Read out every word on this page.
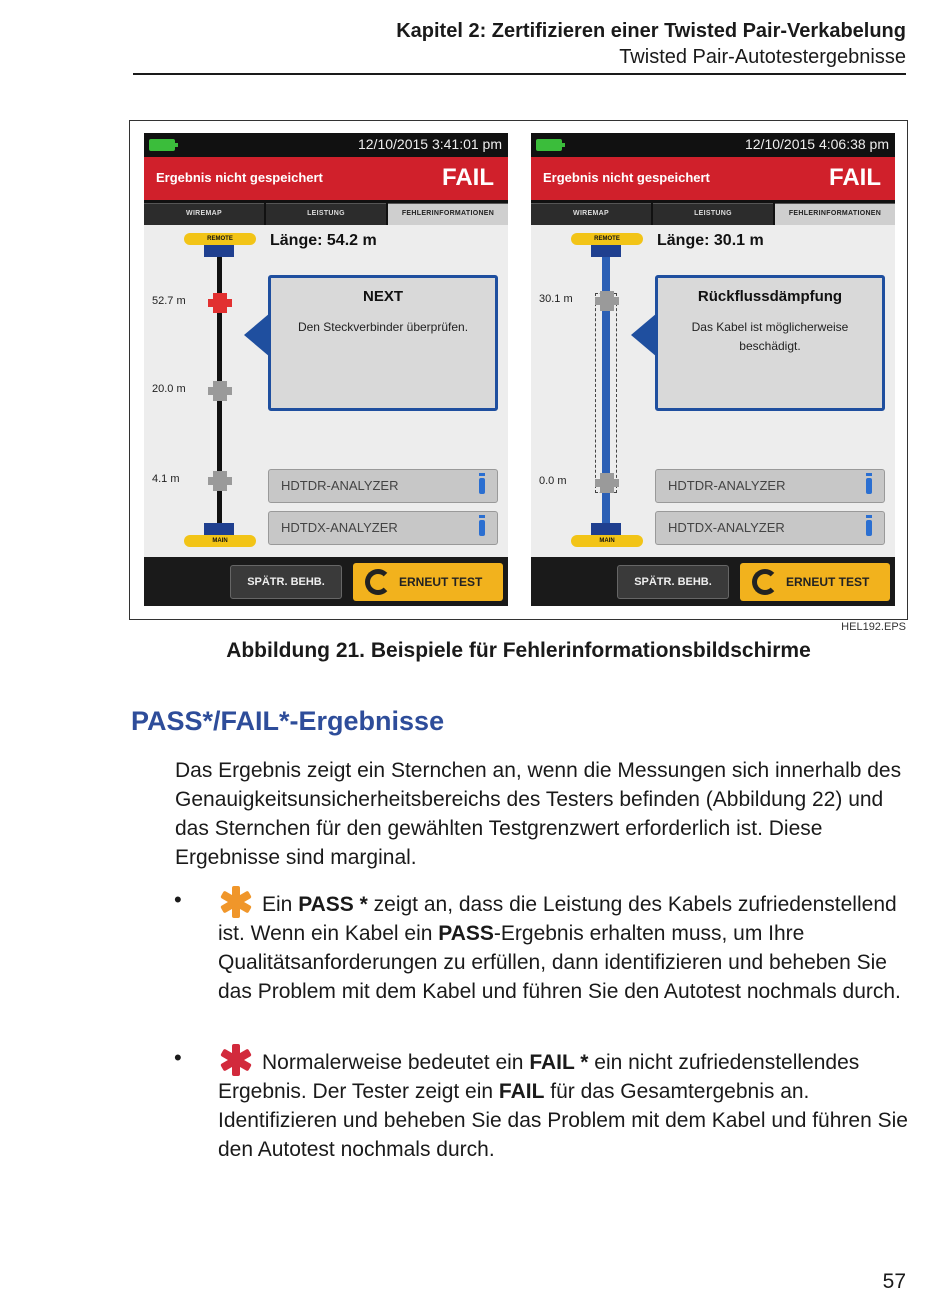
Kapitel 2: Zertifizieren einer Twisted Pair-Verkabelung
Twisted Pair-Autotestergebnisse
12/10/2015 3:41:01 pm
Ergebnis nicht gespeichert	FAIL
WIREMAP	LEISTUNG	FEHLERINFORMATIONEN
REMOTE
MAIN
52.7 m
20.0 m
4.1 m
Länge: 54.2 m
NEXT
Den Steckverbinder überprüfen.
HDTDR-ANALYZER
HDTDX-ANALYZER
SPÄTR. BEHB.	ERNEUT TEST
12/10/2015 4:06:38 pm
Ergebnis nicht gespeichert	FAIL
WIREMAP	LEISTUNG	FEHLERINFORMATIONEN
REMOTE
MAIN
30.1 m
0.0 m
Länge: 30.1 m
Rückflussdämpfung
Das Kabel ist möglicherweise beschädigt.
HDTDR-ANALYZER
HDTDX-ANALYZER
SPÄTR. BEHB.	ERNEUT TEST
HEL192.EPS
Abbildung 21. Beispiele für Fehlerinformationsbildschirme
PASS*/FAIL*-Ergebnisse
Das Ergebnis zeigt ein Sternchen an, wenn die Messungen sich innerhalb des Genauigkeitsunsicherheitsbereichs des Testers befinden (Abbildung 22) und das Sternchen für den gewählten Testgrenzwert erforderlich ist. Diese Ergebnisse sind marginal.
•	Ein PASS * zeigt an, dass die Leistung des Kabels zufriedenstellend ist. Wenn ein Kabel ein PASS-Ergebnis erhalten muss, um Ihre Qualitätsanforderungen zu erfüllen, dann identifizieren und beheben Sie das Problem mit dem Kabel und führen Sie den Autotest nochmals durch.
•	Normalerweise bedeutet ein FAIL * ein nicht zufriedenstellendes Ergebnis. Der Tester zeigt ein FAIL für das Gesamtergebnis an. Identifizieren und beheben Sie das Problem mit dem Kabel und führen Sie den Autotest nochmals durch.
57
